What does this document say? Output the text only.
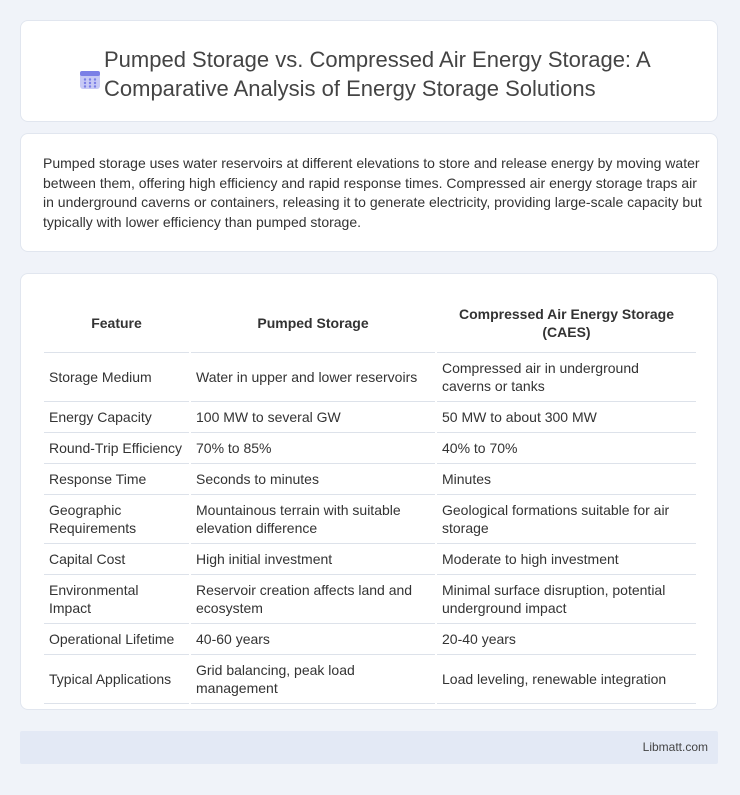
Pumped Storage vs. Compressed Air Energy Storage: A Comparative Analysis of Energy Storage Solutions

Pumped storage uses water reservoirs at different elevations to store and release energy by moving water between them, offering high efficiency and rapid response times. Compressed air energy storage traps air in underground caverns or containers, releasing it to generate electricity, providing large-scale capacity but typically with lower efficiency than pumped storage.

Feature	Pumped Storage	Compressed Air Energy Storage (CAES)
Storage Medium	Water in upper and lower reservoirs	Compressed air in underground caverns or tanks
Energy Capacity	100 MW to several GW	50 MW to about 300 MW
Round-Trip Efficiency	70% to 85%	40% to 70%
Response Time	Seconds to minutes	Minutes
Geographic Requirements	Mountainous terrain with suitable elevation difference	Geological formations suitable for air storage
Capital Cost	High initial investment	Moderate to high investment
Environmental Impact	Reservoir creation affects land and ecosystem	Minimal surface disruption, potential underground impact
Operational Lifetime	40-60 years	20-40 years
Typical Applications	Grid balancing, peak load management	Load leveling, renewable integration
Libmatt.com
